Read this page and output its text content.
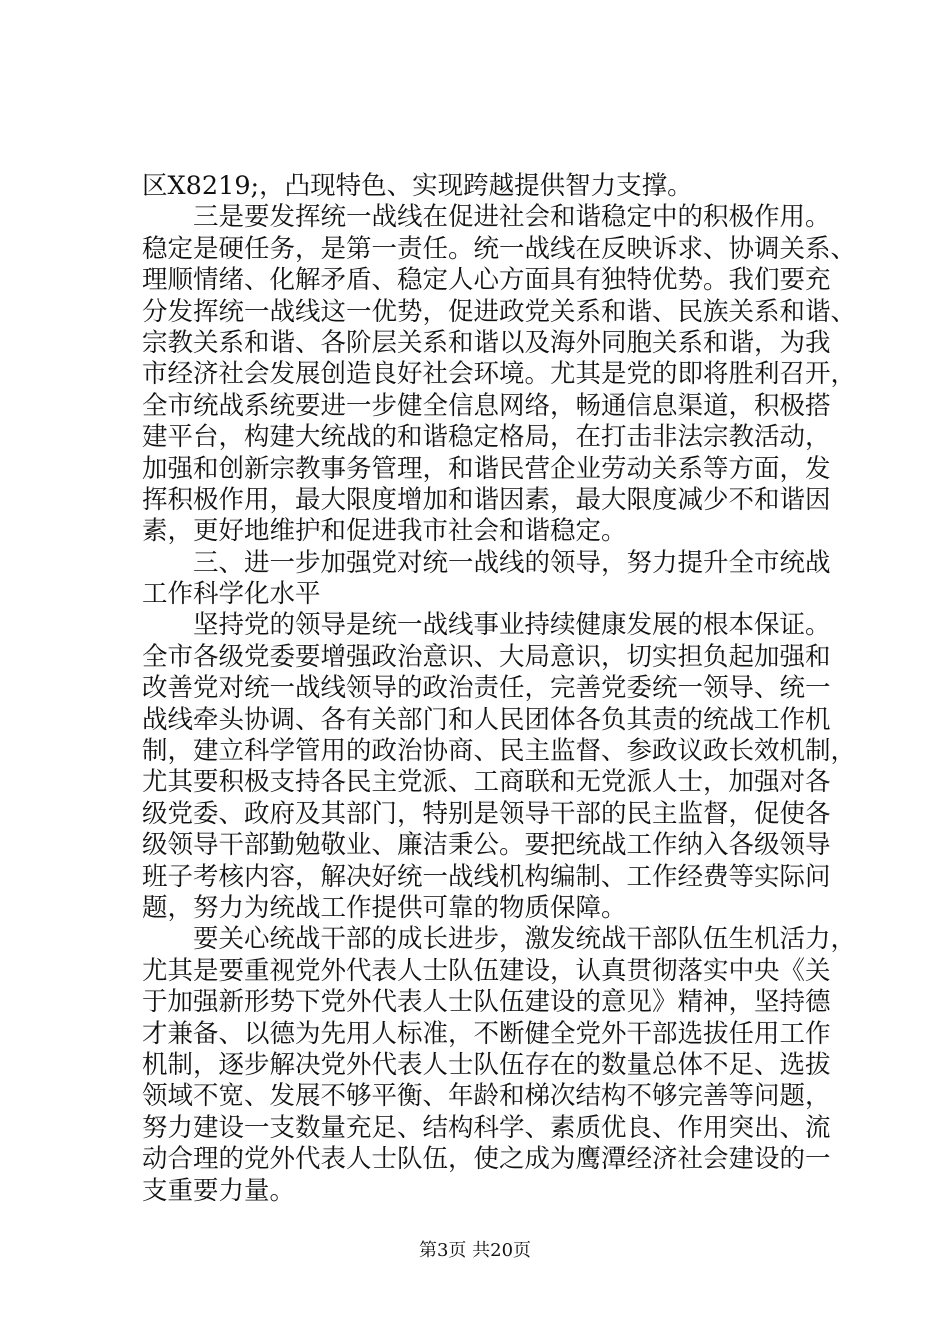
区X8219;，凸现特色、实现跨越提供智力支撑。
三是要发挥统一战线在促进社会和谐稳定中的积极作用。
稳定是硬任务，是第一责任。统一战线在反映诉求、协调关系、
理顺情绪、化解矛盾、稳定人心方面具有独特优势。我们要充
分发挥统一战线这一优势，促进政党关系和谐、民族关系和谐、
宗教关系和谐、各阶层关系和谐以及海外同胞关系和谐，为我
市经济社会发展创造良好社会环境。尤其是党的即将胜利召开，
全市统战系统要进一步健全信息网络，畅通信息渠道，积极搭
建平台，构建大统战的和谐稳定格局，在打击非法宗教活动，
加强和创新宗教事务管理，和谐民营企业劳动关系等方面，发
挥积极作用，最大限度增加和谐因素，最大限度减少不和谐因
素，更好地维护和促进我市社会和谐稳定。
三、进一步加强党对统一战线的领导，努力提升全市统战
工作科学化水平
坚持党的领导是统一战线事业持续健康发展的根本保证。
全市各级党委要增强政治意识、大局意识，切实担负起加强和
改善党对统一战线领导的政治责任，完善党委统一领导、统一
战线牵头协调、各有关部门和人民团体各负其责的统战工作机
制，建立科学管用的政治协商、民主监督、参政议政长效机制，
尤其要积极支持各民主党派、工商联和无党派人士，加强对各
级党委、政府及其部门，特别是领导干部的民主监督，促使各
级领导干部勤勉敬业、廉洁秉公。要把统战工作纳入各级领导
班子考核内容，解决好统一战线机构编制、工作经费等实际问
题，努力为统战工作提供可靠的物质保障。
要关心统战干部的成长进步，激发统战干部队伍生机活力，
尤其是要重视党外代表人士队伍建设，认真贯彻落实中央《关
于加强新形势下党外代表人士队伍建设的意见》精神，坚持德
才兼备、以德为先用人标准，不断健全党外干部选拔任用工作
机制，逐步解决党外代表人士队伍存在的数量总体不足、选拔
领域不宽、发展不够平衡、年龄和梯次结构不够完善等问题，
努力建设一支数量充足、结构科学、素质优良、作用突出、流
动合理的党外代表人士队伍，使之成为鹰潭经济社会建设的一
支重要力量。
第3页 共20页
